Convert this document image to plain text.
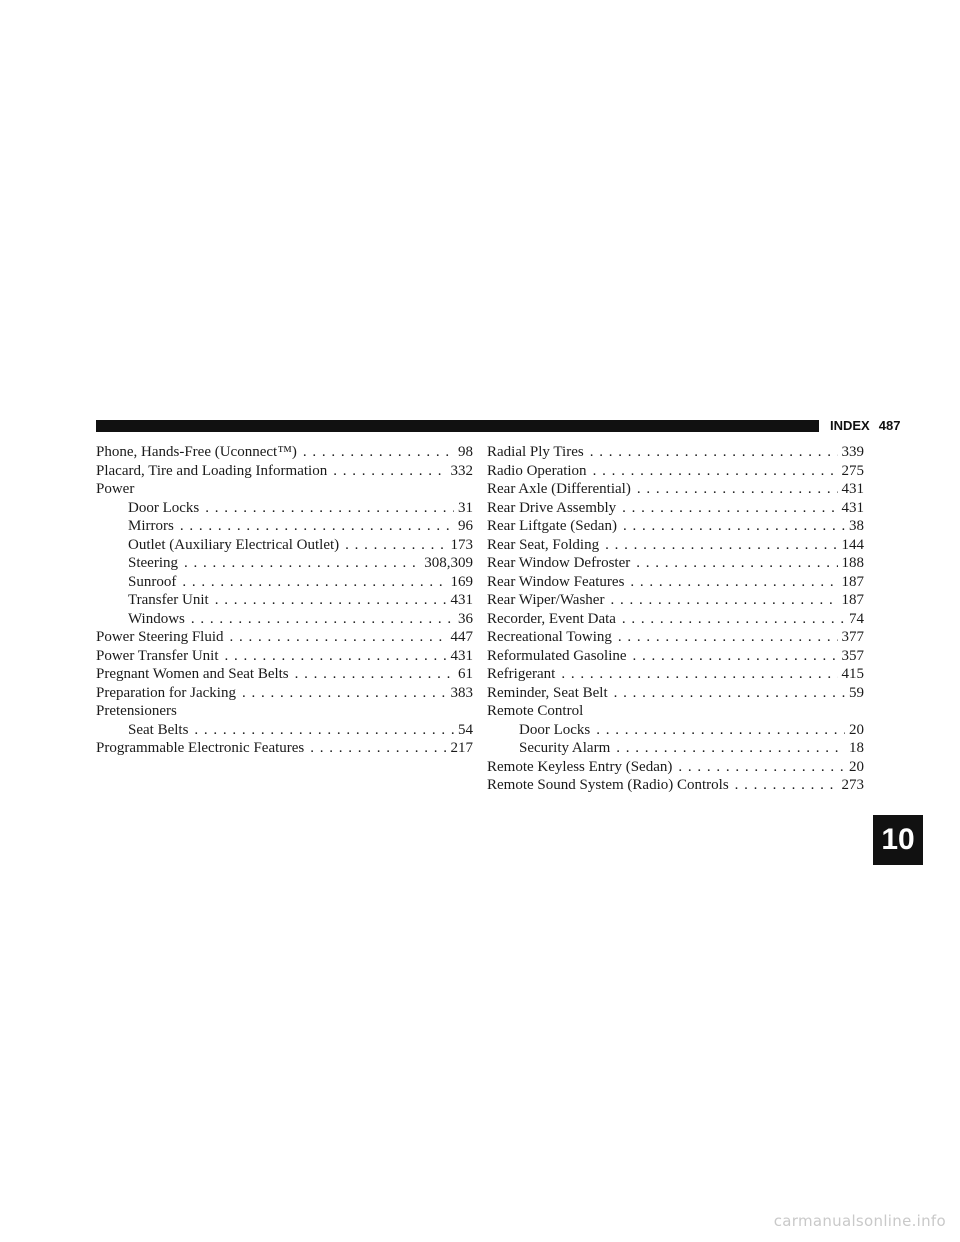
INDEX 487
Phone, Hands-Free (Uconnect™) . . .	98
Placard, Tire and Loading Information . . .	332
Power
Door Locks . . .	31
Mirrors . . .	96
Outlet (Auxiliary Electrical Outlet) . . .	173
Steering . . .	308,309
Sunroof . . .	169
Transfer Unit . . .	431
Windows . . .	36
Power Steering Fluid . . .	447
Power Transfer Unit . . .	431
Pregnant Women and Seat Belts . . .	61
Preparation for Jacking . . .	383
Pretensioners
Seat Belts . . .	54
Programmable Electronic Features . . .	217
Radial Ply Tires . . .	339
Radio Operation . . .	275
Rear Axle (Differential) . . .	431
Rear Drive Assembly . . .	431
Rear Liftgate (Sedan) . . .	38
Rear Seat, Folding . . .	144
Rear Window Defroster . . .	188
Rear Window Features . . .	187
Rear Wiper/Washer . . .	187
Recorder, Event Data . . .	74
Recreational Towing . . .	377
Reformulated Gasoline . . .	357
Refrigerant . . .	415
Reminder, Seat Belt . . .	59
Remote Control
Door Locks . . .	20
Security Alarm . . .	18
Remote Keyless Entry (Sedan) . . .	20
Remote Sound System (Radio) Controls . . .	273
10
carmanualsonline.info
